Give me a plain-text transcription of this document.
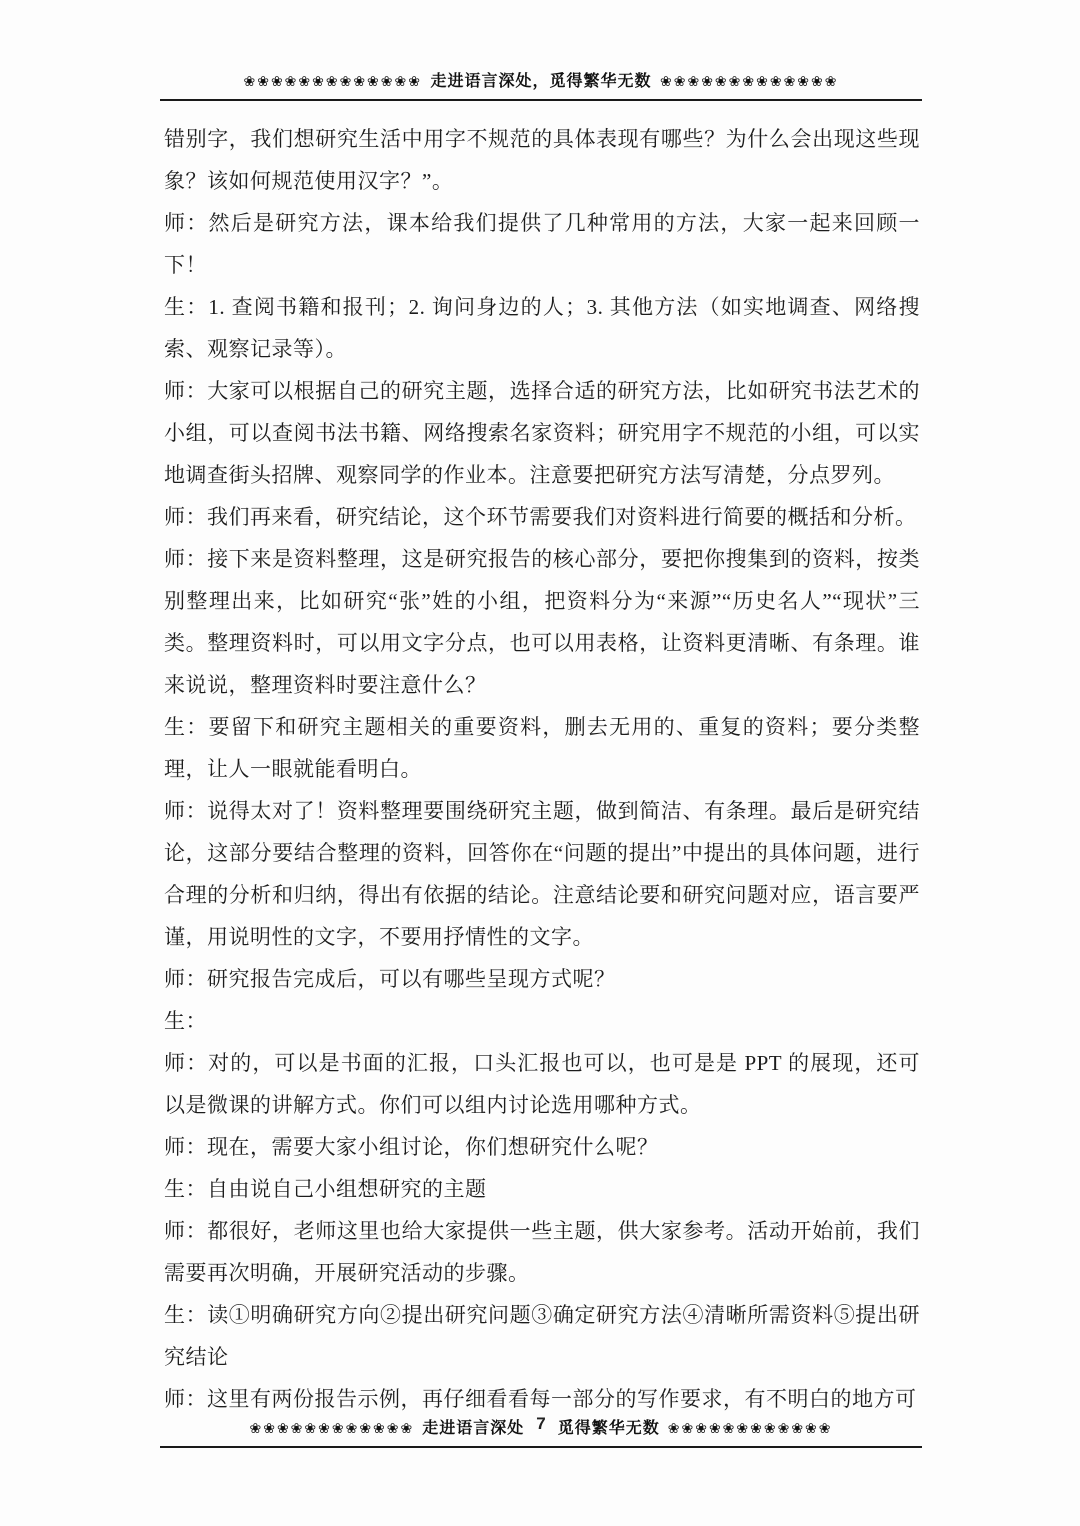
❀❀❀❀❀❀❀❀❀❀❀❀❀ 走进语言深处，觅得繁华无数 ❀❀❀❀❀❀❀❀❀❀❀❀❀

错别字，我们想研究生活中用字不规范的具体表现有哪些？为什么会出现这些现象？该如何规范使用汉字？”。

师：然后是研究方法，课本给我们提供了几种常用的方法，大家一起来回顾一下！

生：1. 查阅书籍和报刊；2. 询问身边的人；3. 其他方法（如实地调查、网络搜索、观察记录等）。

师：大家可以根据自己的研究主题，选择合适的研究方法，比如研究书法艺术的小组，可以查阅书法书籍、网络搜索名家资料；研究用字不规范的小组，可以实地调查街头招牌、观察同学的作业本。注意要把研究方法写清楚，分点罗列。

师：我们再来看，研究结论，这个环节需要我们对资料进行简要的概括和分析。

师：接下来是资料整理，这是研究报告的核心部分，要把你搜集到的资料，按类别整理出来，比如研究“张”姓的小组，把资料分为“来源”“历史名人”“现状”三类。整理资料时，可以用文字分点，也可以用表格，让资料更清晰、有条理。谁来说说，整理资料时要注意什么？

生：要留下和研究主题相关的重要资料，删去无用的、重复的资料；要分类整理，让人一眼就能看明白。

师：说得太对了！资料整理要围绕研究主题，做到简洁、有条理。最后是研究结论，这部分要结合整理的资料，回答你在“问题的提出”中提出的具体问题，进行合理的分析和归纳，得出有依据的结论。注意结论要和研究问题对应，语言要严谨，用说明性的文字，不要用抒情性的文字。

师：研究报告完成后，可以有哪些呈现方式呢？

生：

师：对的，可以是书面的汇报，口头汇报也可以，也可是是 PPT 的展现，还可以是微课的讲解方式。你们可以组内讨论选用哪种方式。

师：现在，需要大家小组讨论，你们想研究什么呢？

生：自由说自己小组想研究的主题

师：都很好，老师这里也给大家提供一些主题，供大家参考。活动开始前，我们需要再次明确，开展研究活动的步骤。

生：读①明确研究方向②提出研究问题③确定研究方法④清晰所需资料⑤提出研究结论

师：这里有两份报告示例，再仔细看看每一部分的写作要求，有不明白的地方可

❀❀❀❀❀❀❀❀❀❀❀❀ 走进语言深处 7 觅得繁华无数 ❀❀❀❀❀❀❀❀❀❀❀❀
